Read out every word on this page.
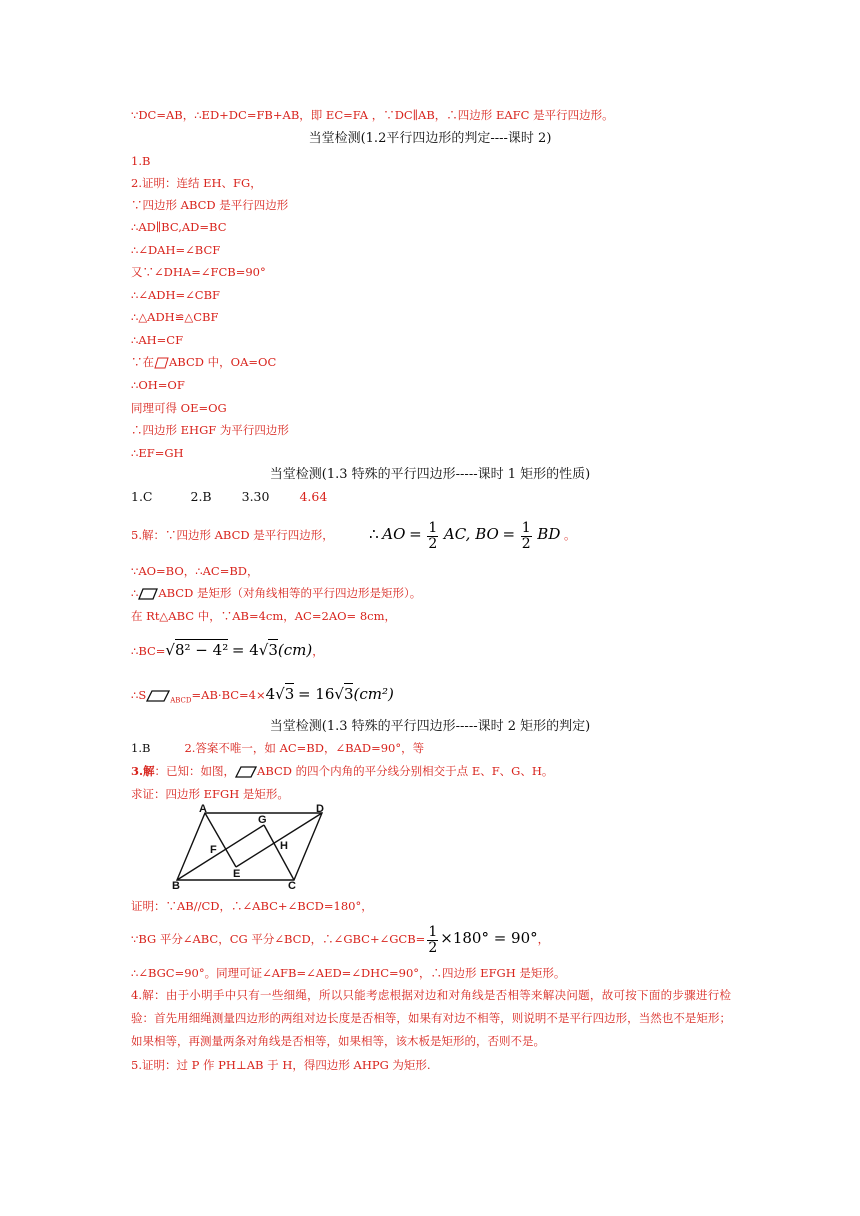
∵DC=AB，∴ED+DC=FB+AB，即 EC=FA ，∵DC∥AB，∴四边形 EAFC 是平行四边形。
当堂检测(1.2平行四边形的判定----课时 2)
1.B
2.证明：连结 EH、FG，
∵四边形 ABCD 是平行四边形
∴AD∥BC,AD=BC
∴∠DAH=∠BCF
又∵∠DHA=∠FCB=90°
∴∠ADH=∠CBF
∴△ADH≌△CBF
∴AH=CF
∵在 ABCD 中，OA=OC
∴OH=OF
同理可得 OE=OG
∴四边形 EHGF 为平行四边形
∴EF=GH
当堂检测(1.3 特殊的平行四边形-----课时 1 矩形的性质)
1.C	2.B 3.30 4.64
5.解：∵四边形 ABCD 是平行四边形， ∴ AO = $\frac{1}{2}$ AC, BO = $\frac{1}{2}$ BD 。
∵AO=BO，∴AC=BD，
∴ ABCD 是矩形（对角线相等的平行四边形是矩形）。
在 Rt△ABC 中，∵AB=4cm，AC=2AO= 8cm，
∴BC=√8² − 4² = 4√3(cm)，
∴S	$_{ABCD}$=AB·BC=4×4√3 = 16√3(cm²)
当堂检测(1.3 特殊的平行四边形-----课时 2 矩形的判定)
1.B	2.答案不唯一，如 AC=BD，∠BAD=90°，等
3.解：已知：如图， ABCD 的四个内角的平分线分别相交于点 E、F、G、H。
求证：四边形 EFGH 是矩形。
A	D
B	C
G
F	H
E
证明：∵AB//CD，∴∠ABC+∠BCD=180°，
∵BG 平分∠ABC，CG 平分∠BCD，∴∠GBC+∠GCB= $\frac{1}{2} \times 180^\circ = 90^\circ$，
∴∠BGC=90°。同理可证∠AFB=∠AED=∠DHC=90°，∴四边形 EFGH 是矩形。
4.解：由于小明手中只有一些细绳，所以只能考虑根据对边和对角线是否相等来解决问题，故可按下面的步骤进行检验：首先用细绳测量四边形的两组对边长度是否相等，如果有对边不相等，则说明不是平行四边形，当然也不是矩形；如果相等，再测量两条对角线是否相等，如果相等，该木板是矩形的，否则不是。
5.证明：过 P 作 PH⊥AB 于 H，得四边形 AHPG 为矩形.
